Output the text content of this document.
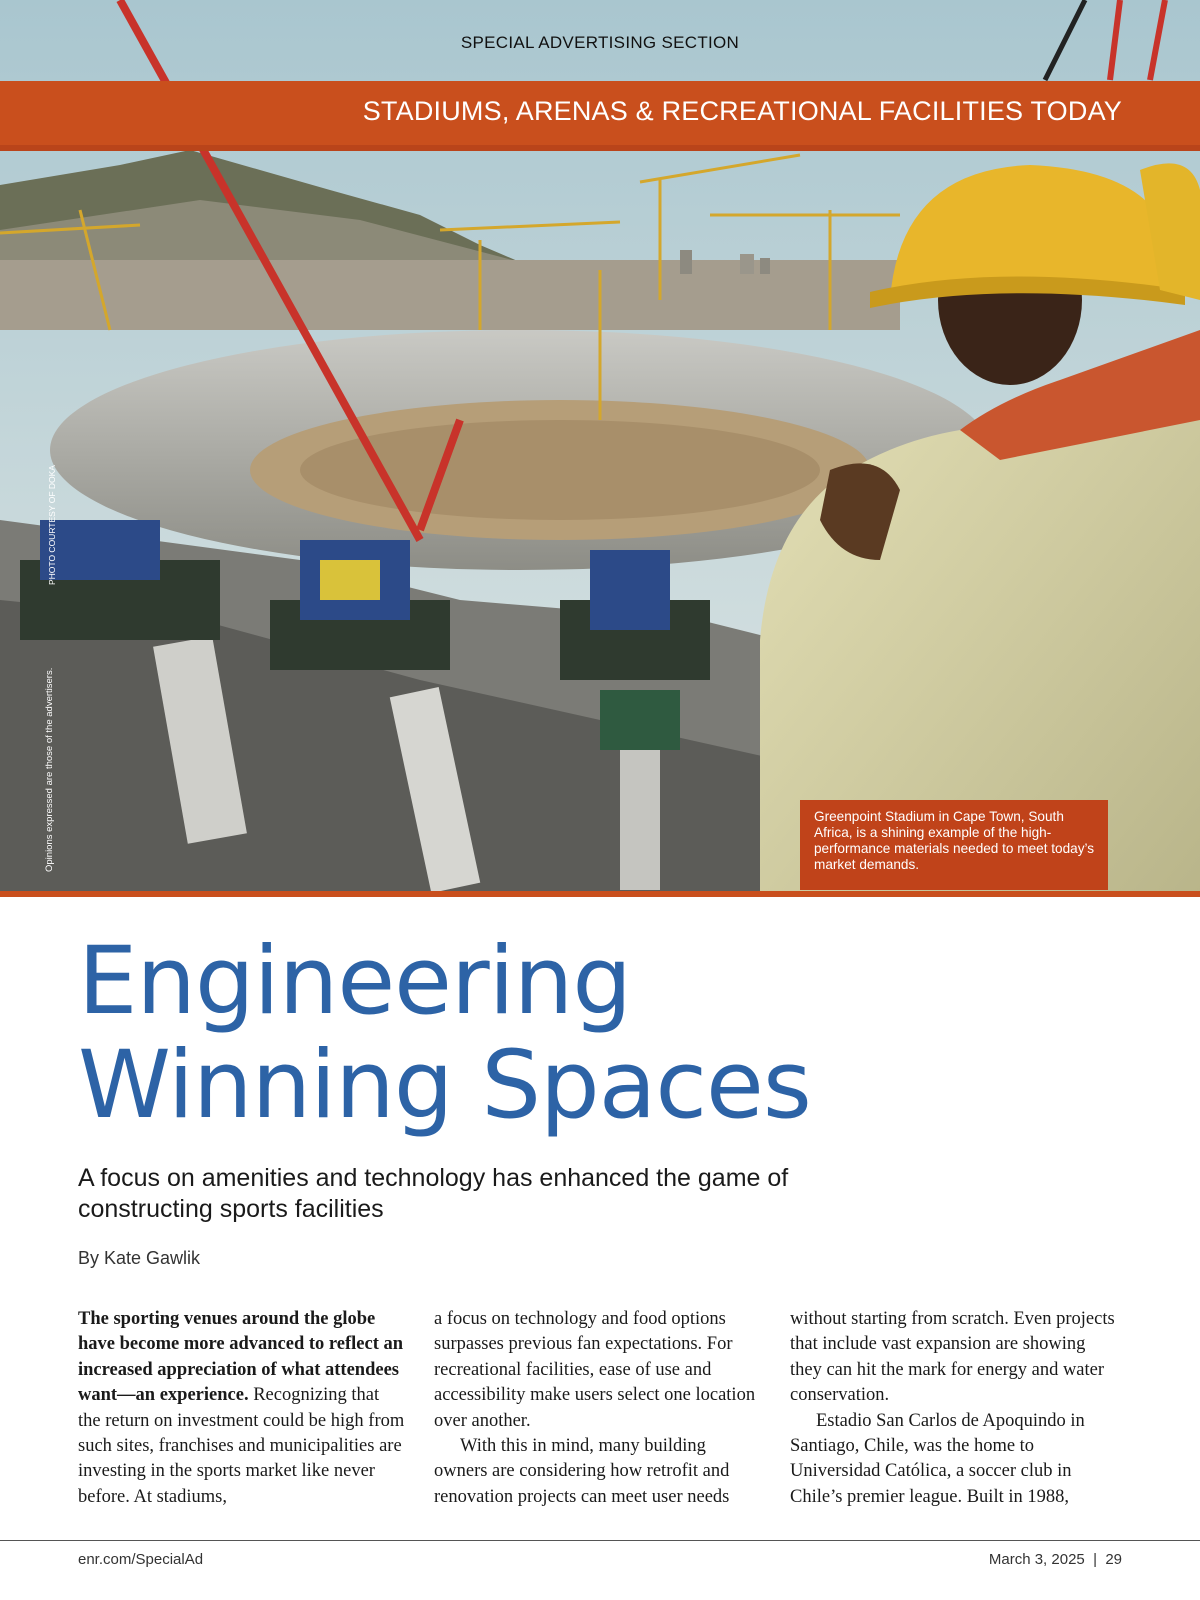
SPECIAL ADVERTISING SECTION
STADIUMS, ARENAS & RECREATIONAL FACILITIES TODAY
PHOTO COURTESY OF DOKA
Opinions expressed are those of the advertisers.	Greenpoint Stadium in Cape Town, South Africa, is a shining example of the high-performance materials needed to meet today’s market demands.
Engineering
Winning Spaces
A focus on amenities and technology has enhanced the game of constructing sports facilities
By Kate Gawlik

The sporting venues around the globe have become more advanced to reflect an increased appreciation of what attendees want—an experience. Recognizing that the return on investment could be high from such sites, franchises and municipalities are investing in the sports market like never before. At stadiums,

a focus on technology and food options surpasses previous fan expectations. For recreational facilities, ease of use and accessibility make users select one location over another.

With this in mind, many building owners are considering how retrofit and renovation projects can meet user needs

without starting from scratch. Even projects that include vast expansion are showing they can hit the mark for energy and water conservation.

Estadio San Carlos de Apoquindo in Santiago, Chile, was the home to Universidad Católica, a soccer club in Chile’s premier league. Built in 1988,

enr.com/SpecialAd	March 3, 2025  |  29
